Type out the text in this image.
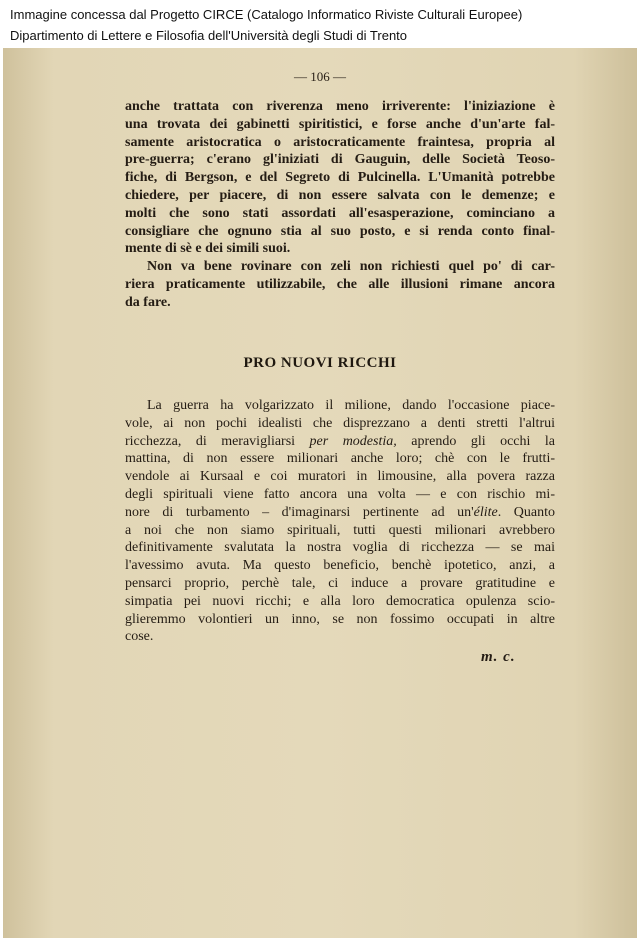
Immagine concessa dal Progetto CIRCE (Catalogo Informatico Riviste Culturali Europee)
Dipartimento di Lettere e Filosofia dell'Università degli Studi di Trento
— 106 —
anche trattata con riverenza meno irriverente: l'iniziazione è
una trovata dei gabinetti spiritistici, e forse anche d'un'arte fal-
samente aristocratica o aristocraticamente fraintesa, propria al
pre-guerra; c'erano gl'iniziati di Gauguin, delle Società Teoso-
fiche, di Bergson, e del Segreto di Pulcinella. L'Umanità potrebbe
chiedere, per piacere, di non essere salvata con le demenze; e
molti che sono stati assordati all'esasperazione, cominciano a
consigliare che ognuno stia al suo posto, e si renda conto final-
mente di sè e dei simili suoi.
Non va bene rovinare con zeli non richiesti quel po' di car-
riera praticamente utilizzabile, che alle illusioni rimane ancora
da fare.
PRO NUOVI RICCHI
La guerra ha volgarizzato il milione, dando l'occasione piace-
vole, ai non pochi idealisti che disprezzano a denti stretti l'altrui
ricchezza, di meravigliarsi per modestia, aprendo gli occhi la
mattina, di non essere milionari anche loro; chè con le frutti-
vendole ai Kursaal e coi muratori in limousine, alla povera razza
degli spirituali viene fatto ancora una volta — e con rischio mi-
nore di turbamento – d'imaginarsi pertinente ad un'élite. Quanto
a noi che non siamo spirituali, tutti questi milionari avrebbero
definitivamente svalutata la nostra voglia di ricchezza — se mai
l'avessimo avuta. Ma questo beneficio, benchè ipotetico, anzi, a
pensarci proprio, perchè tale, ci induce a provare gratitudine e
simpatia pei nuovi ricchi; e alla loro democratica opulenza scio-
glieremmo volontieri un inno, se non fossimo occupati in altre
cose.
m. c.
